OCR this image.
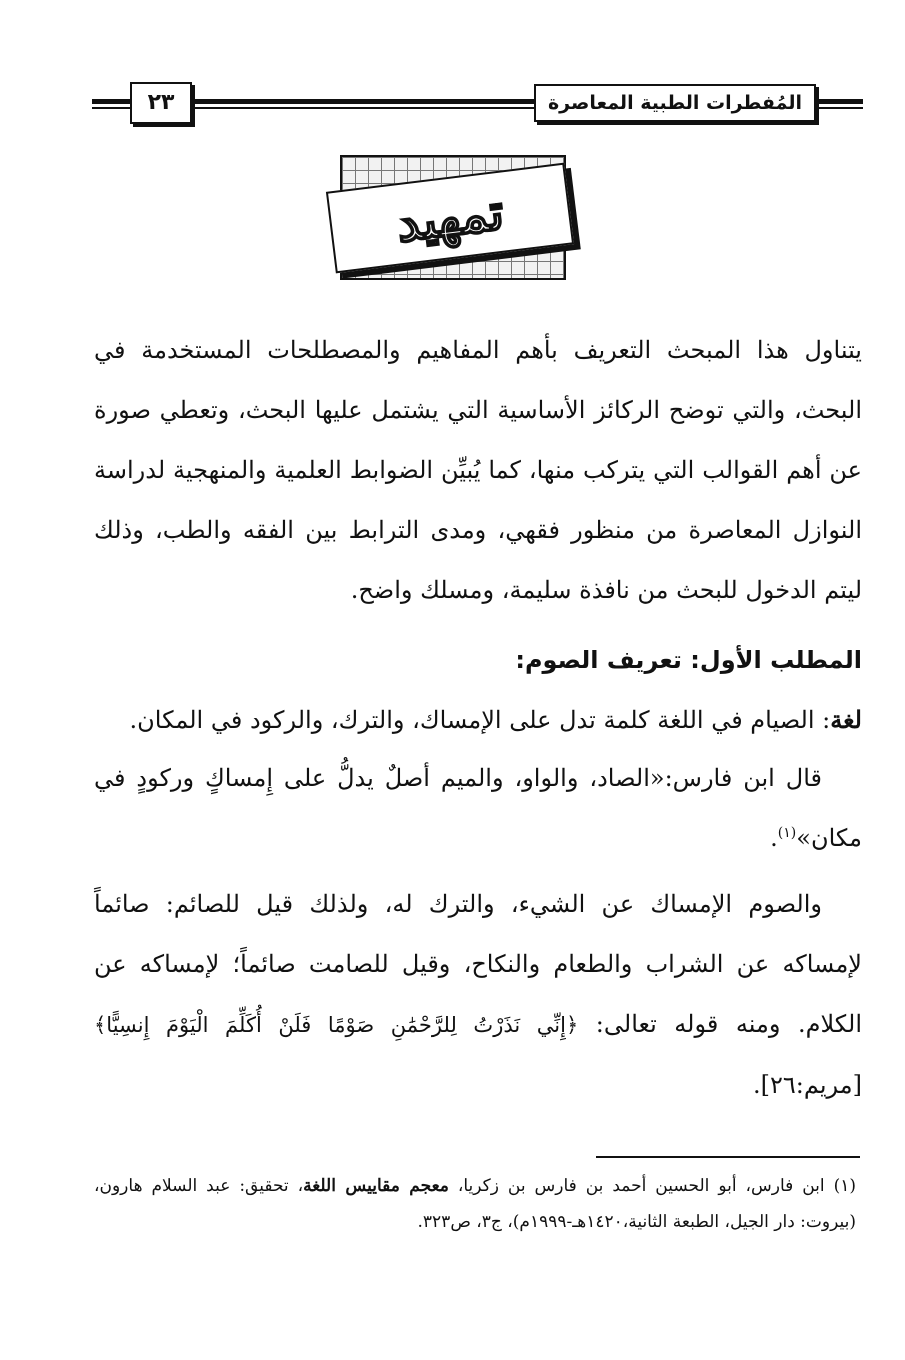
المُفطرات الطبية المعاصرة
٢٣
تمهيد

يتناول هذا المبحث التعريف بأهم المفاهيم والمصطلحات المستخدمة في البحث، والتي توضح الركائز الأساسية التي يشتمل عليها البحث، وتعطي صورة عن أهم القوالب التي يتركب منها، كما يُبيِّن الضوابط العلمية والمنهجية لدراسة النوازل المعاصرة من منظور فقهي، ومدى الترابط بين الفقه والطب، وذلك ليتم الدخول للبحث من نافذة سليمة، ومسلك واضح.

المطلب الأول: تعريف الصوم:

لغة: الصيام في اللغة كلمة تدل على الإمساك، والترك، والركود في المكان.

قال ابن فارس:«الصاد، والواو، والميم أصلٌ يدلُّ على إِمساكٍ وركودٍ في مكان»$^{(١)}$.

والصوم الإمساك عن الشيء، والترك له، ولذلك قيل للصائم: صائماً لإمساكه عن الشراب والطعام والنكاح، وقيل للصامت صائماً؛ لإمساكه عن الكلام. ومنه قوله تعالى: ﴿إِنِّي نَذَرْتُ لِلرَّحْمَٰنِ صَوْمًا فَلَنْ أُكَلِّمَ الْيَوْمَ إِنسِيًّا﴾[مريم:٢٦].

(١) ابن فارس، أبو الحسين أحمد بن فارس بن زكريا، معجم مقاييس اللغة، تحقيق: عبد السلام هارون، (بيروت: دار الجيل، الطبعة الثانية،١٤٢٠هـ-١٩٩٩م)، ج٣، ص٣٢٣.
